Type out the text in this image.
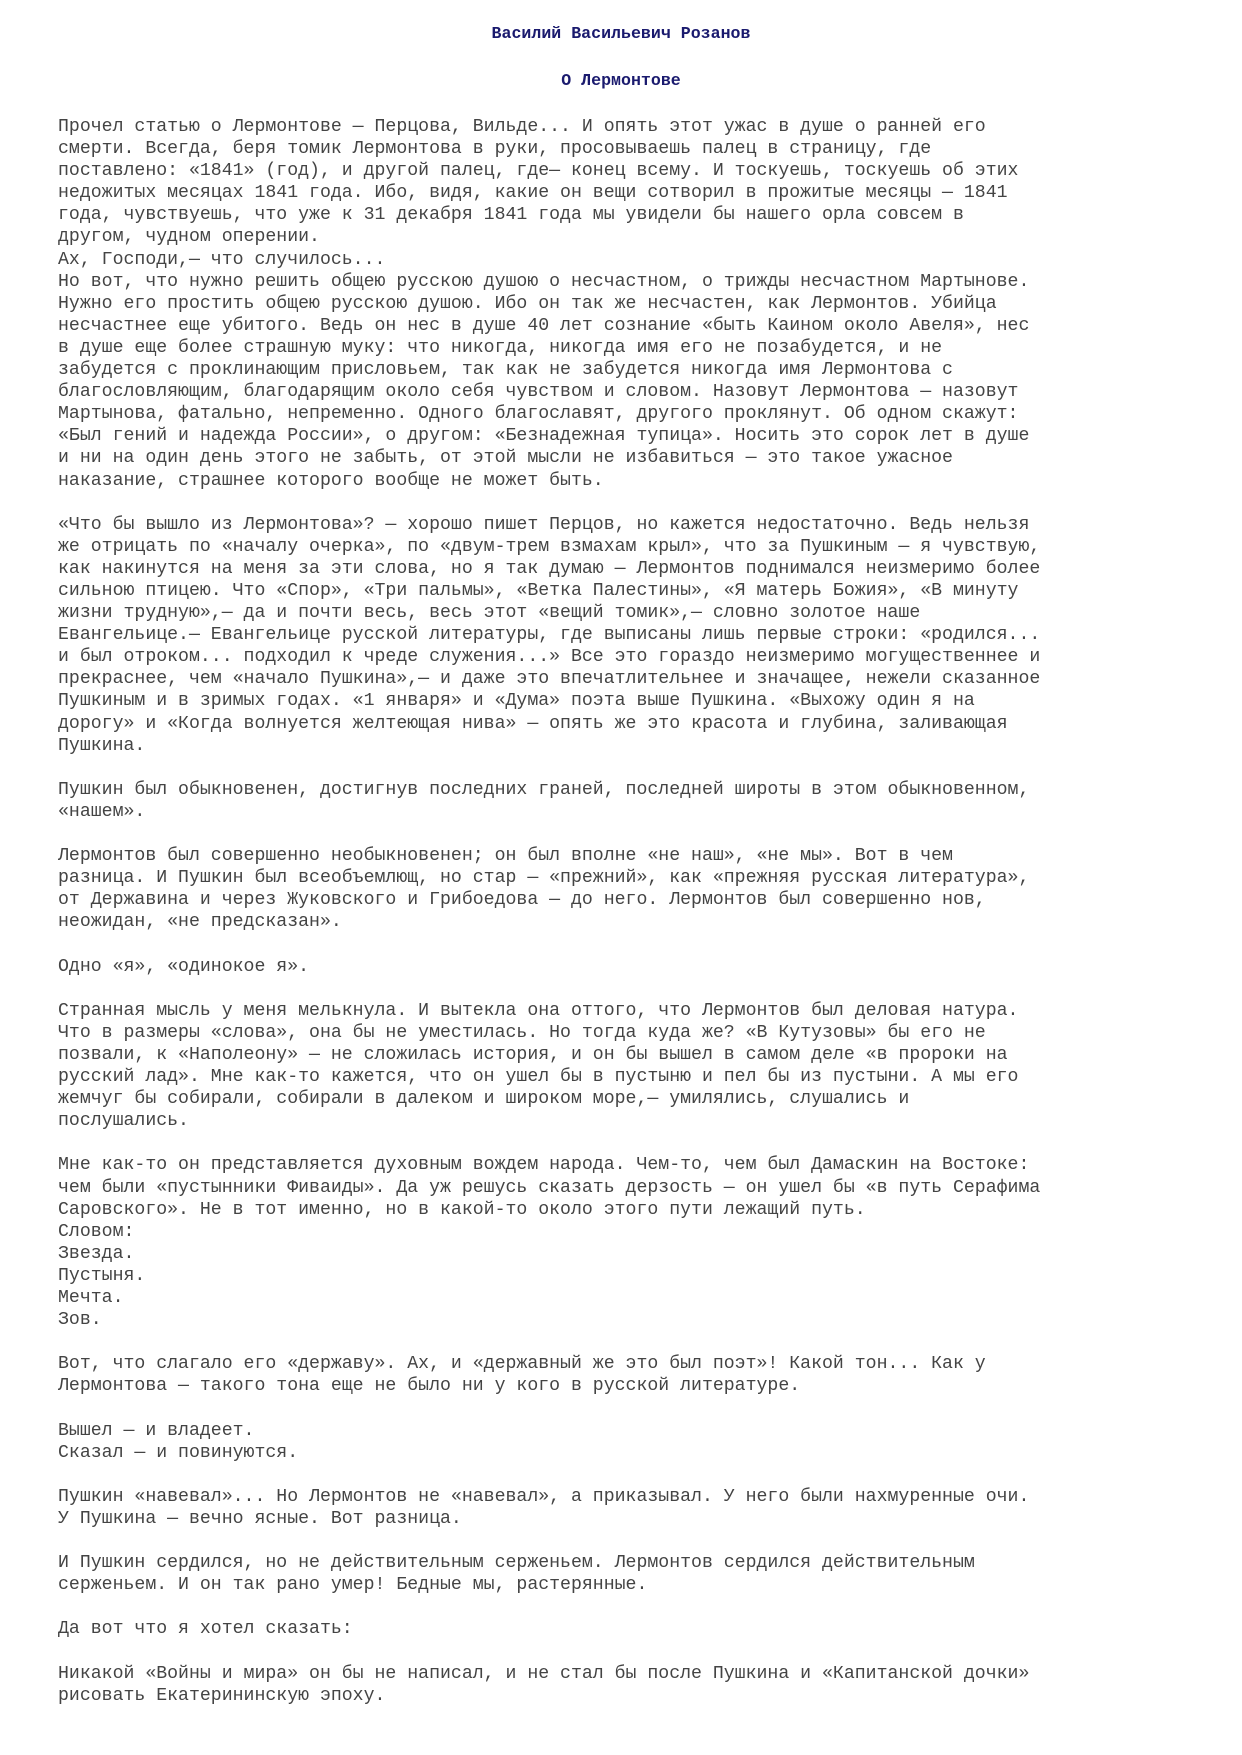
Василий Васильевич Розанов
О Лермонтове

Прочел статью о Лермонтове — Перцова, Вильде... И опять этот ужас в душе о ранней его
смерти. Всегда, беря томик Лермонтова в руки, просовываешь палец в страницу, где
поставлено: «1841» (год), и другой палец, где— конец всему. И тоскуешь, тоскуешь об этих
недожитых месяцах 1841 года. Ибо, видя, какие он вещи сотворил в прожитые месяцы — 1841
года, чувствуешь, что уже к 31 декабря 1841 года мы увидели бы нашего орла совсем в
другом, чудном оперении.
Ах, Господи,— что случилось...
Но вот, что нужно решить общею русскою душою о несчастном, о трижды несчастном Мартынове.
Нужно его простить общею русскою душою. Ибо он так же несчастен, как Лермонтов. Убийца
несчастнее еще убитого. Ведь он нес в душе 40 лет сознание «быть Каином около Авеля», нес
в душе еще более страшную муку: что никогда, никогда имя его не позабудется, и не
забудется с проклинающим присловьем, так как не забудется никогда имя Лермонтова с
благословляющим, благодарящим около себя чувством и словом. Назовут Лермонтова — назовут
Мартынова, фатально, непременно. Одного благославят, другого проклянут. Об одном скажут:
«Был гений и надежда России», о другом: «Безнадежная тупица». Носить это сорок лет в душе
и ни на один день этого не забыть, от этой мысли не избавиться — это такое ужасное
наказание, страшнее которого вообще не может быть.

«Что бы вышло из Лермонтова»? — хорошо пишет Перцов, но кажется недостаточно. Ведь нельзя
же отрицать по «началу очерка», по «двум-трем взмахам крыл», что за Пушкиным — я чувствую,
как накинутся на меня за эти слова, но я так думаю — Лермонтов поднимался неизмеримо более
сильною птицею. Что «Спор», «Три пальмы», «Ветка Палестины», «Я матерь Божия», «В минуту
жизни трудную»,— да и почти весь, весь этот «вещий томик»,— словно золотое наше
Евангельице.— Евангельице русской литературы, где выписаны лишь первые строки: «родился...
и был отроком... подходил к чреде служения...» Все это гораздо неизмеримо могущественнее и
прекраснее, чем «начало Пушкина»,— и даже это впечатлительнее и значащее, нежели сказанное
Пушкиным и в зримых годах. «1 января» и «Дума» поэта выше Пушкина. «Выхожу один я на
дорогу» и «Когда волнуется желтеющая нива» — опять же это красота и глубина, заливающая
Пушкина.

Пушкин был обыкновенен, достигнув последних граней, последней широты в этом обыкновенном,
«нашем».

Лермонтов был совершенно необыкновенен; он был вполне «не наш», «не мы». Вот в чем
разница. И Пушкин был всеобъемлющ, но стар — «прежний», как «прежняя русская литература»,
от Державина и через Жуковского и Грибоедова — до него. Лермонтов был совершенно нов,
неожидан, «не предсказан».

Одно «я», «одинокое я».

Странная мысль у меня мелькнула. И вытекла она оттого, что Лермонтов был деловая натура.
Что в размеры «слова», она бы не уместилась. Но тогда куда же? «В Кутузовы» бы его не
позвали, к «Наполеону» — не сложилась история, и он бы вышел в самом деле «в пророки на
русский лад». Мне как-то кажется, что он ушел бы в пустыню и пел бы из пустыни. А мы его
жемчуг бы собирали, собирали в далеком и широком море,— умилялись, слушались и
послушались.

Мне как-то он представляется духовным вождем народа. Чем-то, чем был Дамаскин на Востоке:
чем были «пустынники Фиваиды». Да уж решусь сказать дерзость — он ушел бы «в путь Серафима
Саровского». Не в тот именно, но в какой-то около этого пути лежащий путь.
Словом:
Звезда.
Пустыня.
Мечта.
Зов.

Вот, что слагало его «державу». Ах, и «державный же это был поэт»! Какой тон... Как у
Лермонтова — такого тона еще не было ни у кого в русской литературе.

Вышел — и владеет.
Сказал — и повинуются.

Пушкин «навевал»... Но Лермонтов не «навевал», а приказывал. У него были нахмуренные очи.
У Пушкина — вечно ясные. Вот разница.

И Пушкин сердился, но не действительным серженьем. Лермонтов сердился действительным
серженьем. И он так рано умер! Бедные мы, растерянные.

Да вот что я хотел сказать:

Никакой «Войны и мира» он бы не написал, и не стал бы после Пушкина и «Капитанской дочки»
рисовать Екатерининскую эпоху.
